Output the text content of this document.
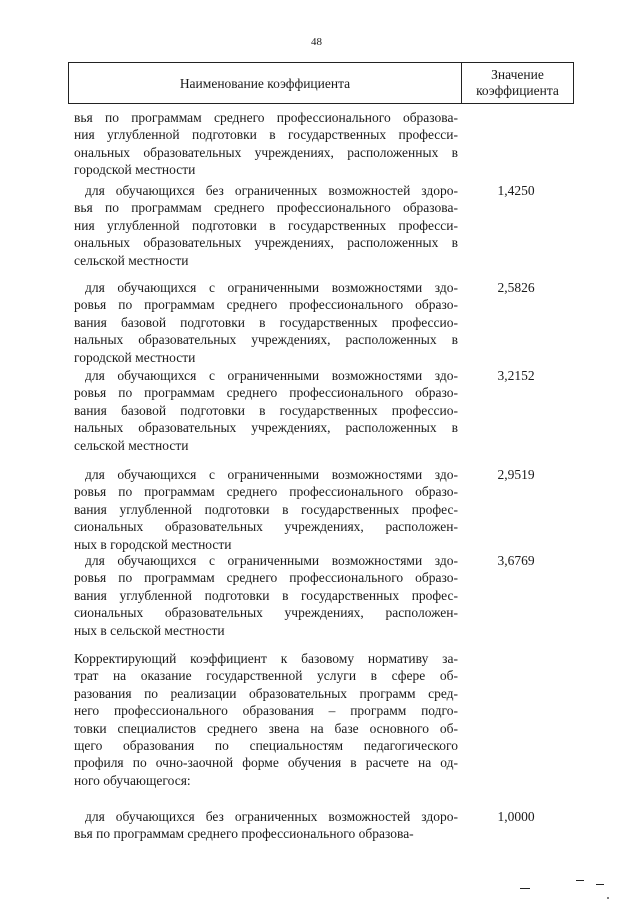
48
Наименование коэффициента
Значение
коэффициента
вья по программам среднего профессионального образова-
ния углубленной подготовки в государственных професси-
ональных образовательных учреждениях, расположенных в
городской местности
для обучающихся без ограниченных возможностей здоро-
вья по программам среднего профессионального образова-
ния углубленной подготовки в государственных професси-
ональных образовательных учреждениях, расположенных в
сельской местности
1,4250
для обучающихся с ограниченными возможностями здо-
ровья по программам среднего профессионального образо-
вания базовой подготовки в государственных профессио-
нальных образовательных учреждениях, расположенных в
городской местности
2,5826
для обучающихся с ограниченными возможностями здо-
ровья по программам среднего профессионального образо-
вания базовой подготовки в государственных профессио-
нальных образовательных учреждениях, расположенных в
сельской местности
3,2152
для обучающихся с ограниченными возможностями здо-
ровья по программам среднего профессионального образо-
вания углубленной подготовки в государственных профес-
сиональных образовательных учреждениях, расположен-
ных в городской местности
2,9519
для обучающихся с ограниченными возможностями здо-
ровья по программам среднего профессионального образо-
вания углубленной подготовки в государственных профес-
сиональных образовательных учреждениях, расположен-
ных в сельской местности
3,6769
Корректирующий коэффициент к базовому нормативу за-
трат на оказание государственной услуги в сфере об-
разования по реализации образовательных программ сред-
него профессионального образования – программ подго-
товки специалистов среднего звена на базе основного об-
щего образования по специальностям педагогического
профиля по очно-заочной форме обучения в расчете на од-
ного обучающегося:
для обучающихся без ограниченных возможностей здоро-
вья по программам среднего профессионального образова-
1,0000
